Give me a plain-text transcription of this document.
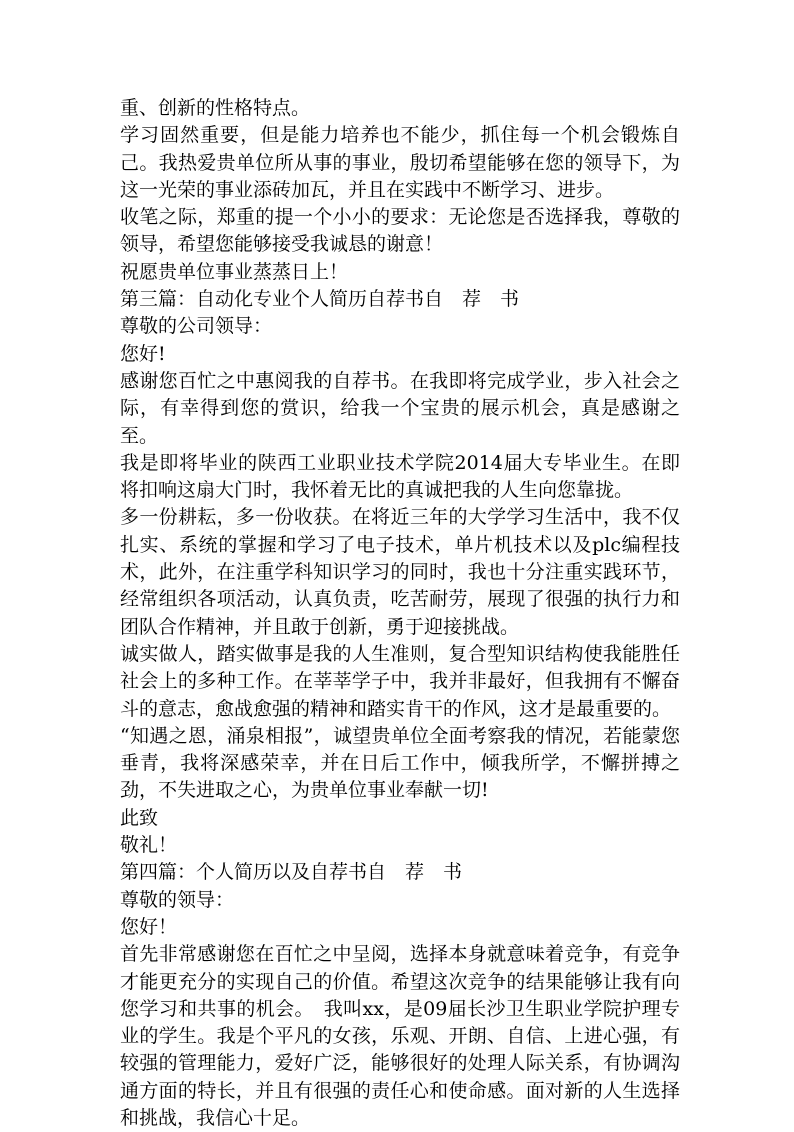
重、创新的性格特点。

学习固然重要，但是能力培养也不能少，抓住每一个机会锻炼自己。我热爱贵单位所从事的事业，殷切希望能够在您的领导下，为这一光荣的事业添砖加瓦，并且在实践中不断学习、进步。

收笔之际，郑重的提一个小小的要求：无论您是否选择我，尊敬的领导，希望您能够接受我诚恳的谢意！

祝愿贵单位事业蒸蒸日上！

第三篇：自动化专业个人简历自荐书自　荐　书

尊敬的公司领导：

您好!

感谢您百忙之中惠阅我的自荐书。在我即将完成学业，步入社会之际，有幸得到您的赏识，给我一个宝贵的展示机会，真是感谢之至。

我是即将毕业的陕西工业职业技术学院2014届大专毕业生。在即将扣响这扇大门时，我怀着无比的真诚把我的人生向您靠拢。

多一份耕耘，多一份收获。在将近三年的大学学习生活中，我不仅扎实、系统的掌握和学习了电子技术，单片机技术以及plc编程技术，此外，在注重学科知识学习的同时，我也十分注重实践环节，经常组织各项活动，认真负责，吃苦耐劳，展现了很强的执行力和团队合作精神，并且敢于创新，勇于迎接挑战。

诚实做人，踏实做事是我的人生准则，复合型知识结构使我能胜任社会上的多种工作。在莘莘学子中，我并非最好，但我拥有不懈奋斗的意志，愈战愈强的精神和踏实肯干的作风，这才是最重要的。

“知遇之恩，涌泉相报”，诚望贵单位全面考察我的情况，若能蒙您垂青，我将深感荣幸，并在日后工作中，倾我所学，不懈拼搏之劲，不失进取之心，为贵单位事业奉献一切!

此致

敬礼！

第四篇：个人简历以及自荐书自　荐　书

尊敬的领导：

您好！

首先非常感谢您在百忙之中呈阅，选择本身就意味着竞争，有竞争才能更充分的实现自己的价值。希望这次竞争的结果能够让我有向您学习和共事的机会。　我叫xx，是09届长沙卫生职业学院护理专业的学生。我是个平凡的女孩，乐观、开朗、自信、上进心强，有较强的管理能力，爱好广泛，能够很好的处理人际关系，有协调沟通方面的特长，并且有很强的责任心和使命感。面对新的人生选择和挑战，我信心十足。
